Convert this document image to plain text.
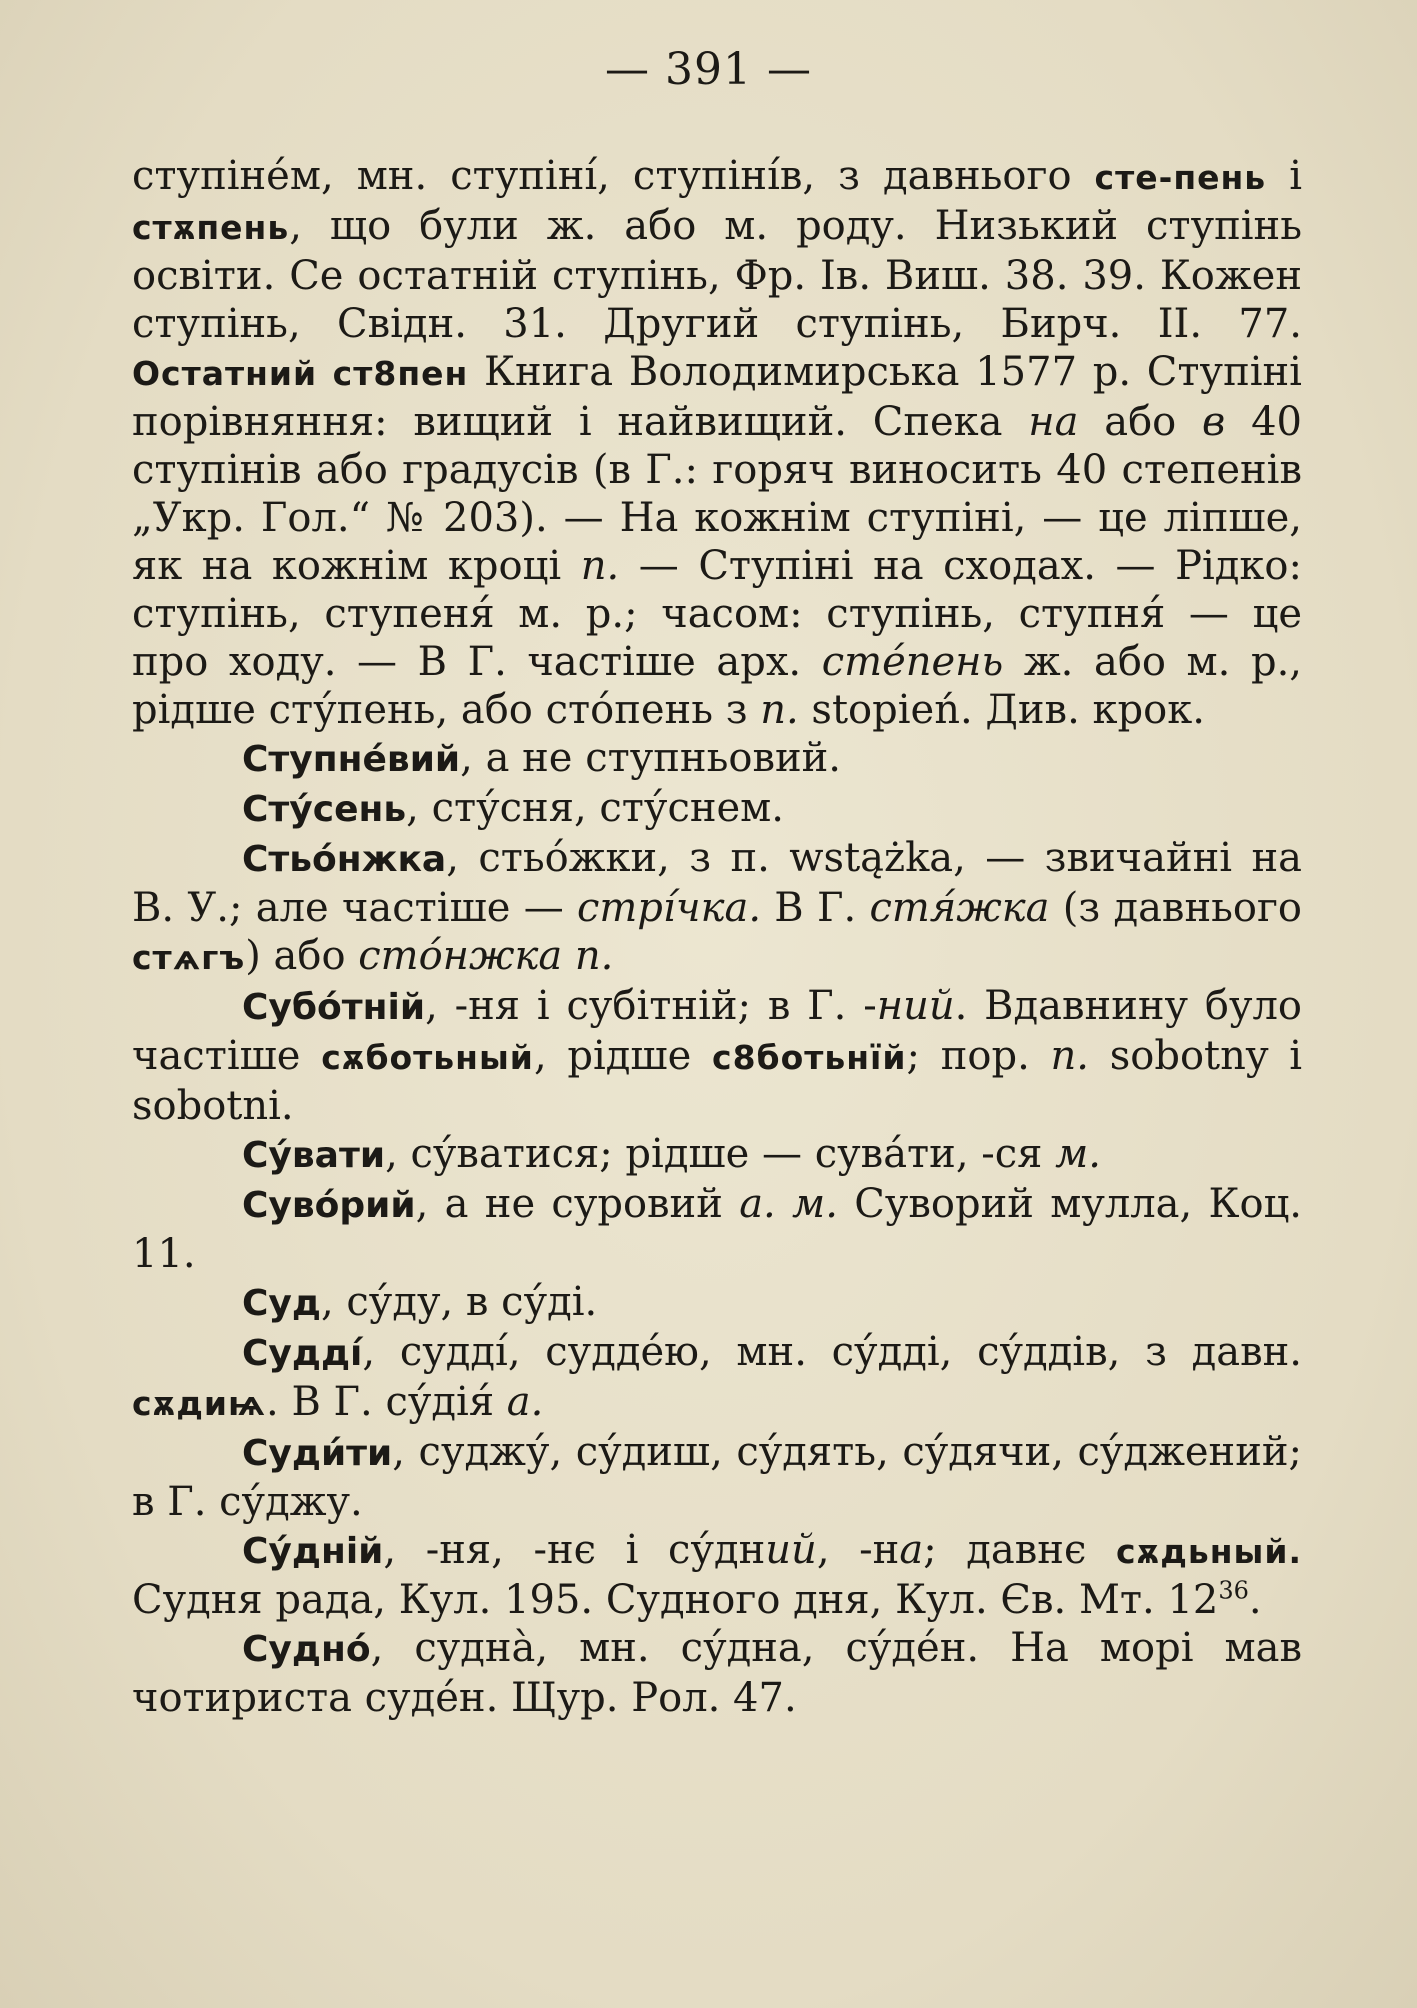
— 391 —

ступіне́м, мн. ступіні́, ступіні́в, з давнього сте-пень і стѫпень, що були ж. або м. роду. Низький ступінь освіти. Се остатній ступінь, Фр. Ів. Виш. 38. 39. Кожен ступінь, Свідн. 31. Другий ступінь, Бирч. II. 77. Остатний ст8пен Книга Володимирська 1577 р. Ступіні порівняння: вищий і найвищий. Спека на або в 40 ступінів або градусів (в Г.: горяч виносить 40 степенів „Укр. Гол.“ № 203). — На кожнім ступіні, — це ліпше, як на кожнім кроці п. — Ступіні на сходах. — Рідко: ступінь, ступеня́ м. р.; часом: ступінь, ступня́ — це про ходу. — В Г. частіше арх. сте́пень ж. або м. р., рідше сту́пень, або сто́пень з п. stopień. Див. крок.

Ступне́вий, а не ступньовий.

Сту́сень, сту́сня, сту́снем.

Стьо́нжка, стьо́жки, з п. wstążka, — звичайні на В. У.; але частіше — стрі́чка. В Г. стя́жка (з давнього стѧгъ) або сто́нжка п.

Субо́тній, -ня і субітній; в Г. -ний. Вдавнину було частіше сѫботьный, рідше с8ботьнїй; пор. п. sobotny і sobotni.

Су́вати, су́ватися; рідше — сува́ти, -ся м.

Суво́рий, а не суровий а. м. Суворий мулла, Коц. 11.

Суд, су́ду, в су́ді.

Судді́, судді́, судде́ю, мн. су́дді, су́ддів, з давн. сѫдиѩ. В Г. су́дія́ а.

Суди́ти, суджу́, су́диш, су́дять, су́дячи, су́джений; в Г. су́джу.

Су́дній, -ня, -нє і су́дний, -на; давнє сѫдьный. Судня рада, Кул. 195. Судного дня, Кул. Єв. Мт. $12^{36}$.

Судно́, судна̀, мн. су́дна, су́де́н. На морі мав чотириста суде́н. Щур. Рол. 47.
